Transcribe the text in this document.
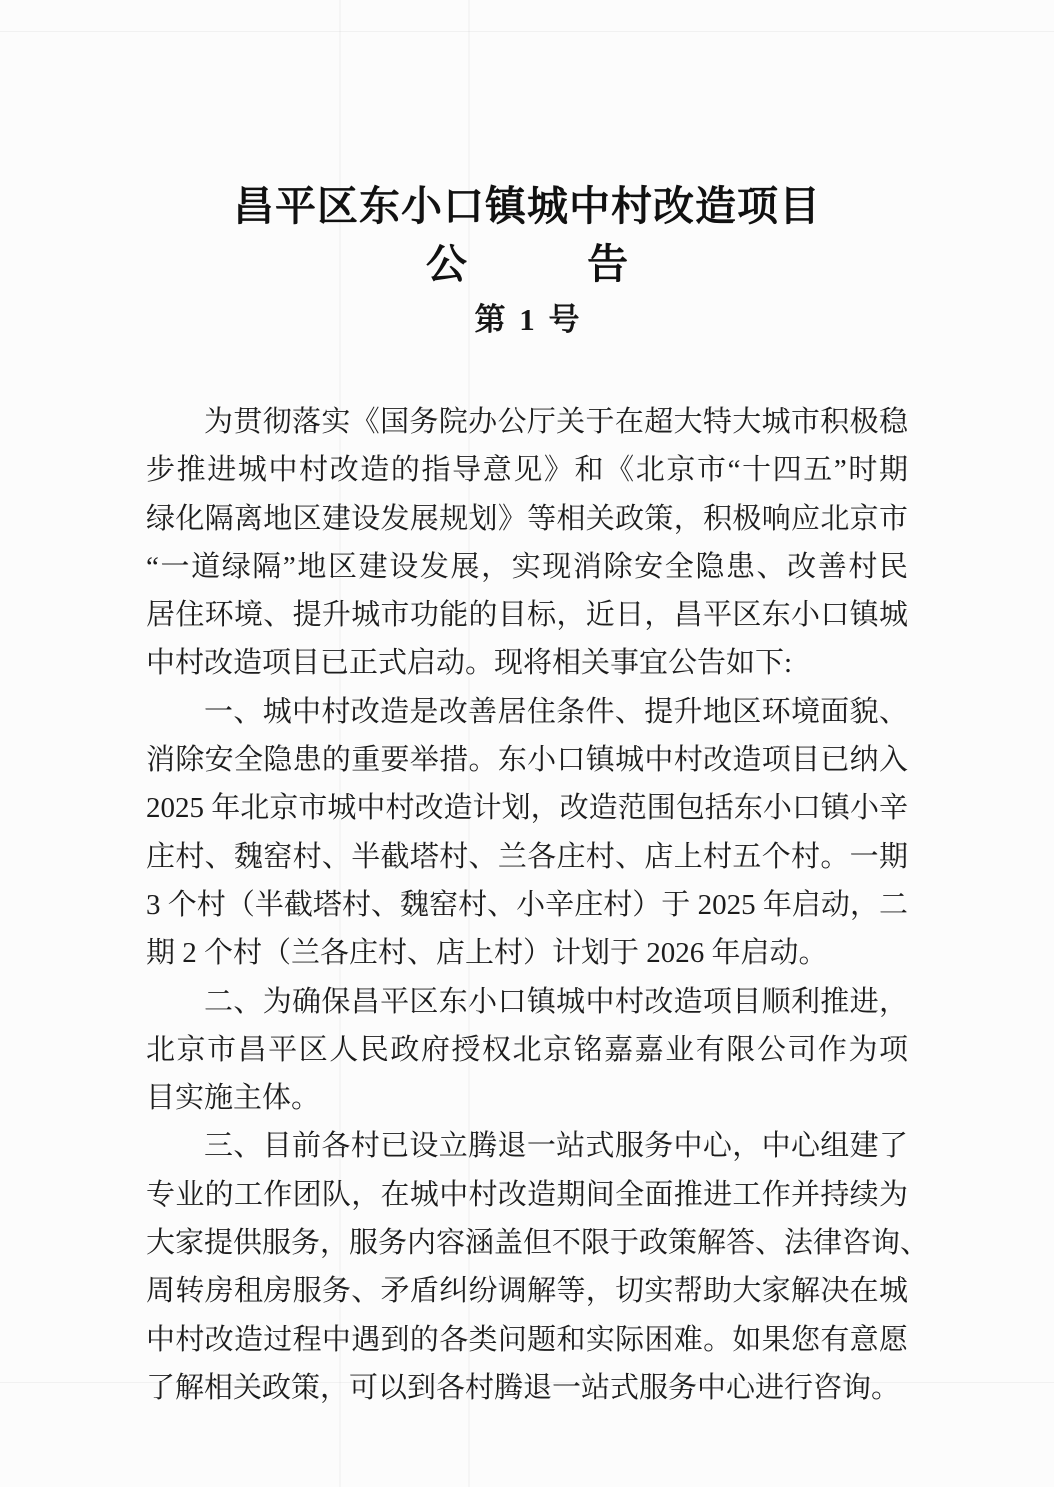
昌平区东小口镇城中村改造项目
公 告
第 1 号
为贯彻落实《国务院办公厅关于在超大特大城市积极稳
步推进城中村改造的指导意见》和《北京市“十四五”时期
绿化隔离地区建设发展规划》等相关政策，积极响应北京市
“一道绿隔”地区建设发展，实现消除安全隐患、改善村民
居住环境、提升城市功能的目标，近日，昌平区东小口镇城
中村改造项目已正式启动。现将相关事宜公告如下:
一、城中村改造是改善居住条件、提升地区环境面貌、
消除安全隐患的重要举措。东小口镇城中村改造项目已纳入
2025 年北京市城中村改造计划，改造范围包括东小口镇小辛
庄村、魏窑村、半截塔村、兰各庄村、店上村五个村。一期
3 个村（半截塔村、魏窑村、小辛庄村）于 2025 年启动，二
期 2 个村（兰各庄村、店上村）计划于 2026 年启动。
二、为确保昌平区东小口镇城中村改造项目顺利推进，
北京市昌平区人民政府授权北京铭嘉嘉业有限公司作为项
目实施主体。
三、目前各村已设立腾退一站式服务中心，中心组建了
专业的工作团队，在城中村改造期间全面推进工作并持续为
大家提供服务，服务内容涵盖但不限于政策解答、法律咨询、
周转房租房服务、矛盾纠纷调解等，切实帮助大家解决在城
中村改造过程中遇到的各类问题和实际困难。如果您有意愿
了解相关政策，可以到各村腾退一站式服务中心进行咨询。
